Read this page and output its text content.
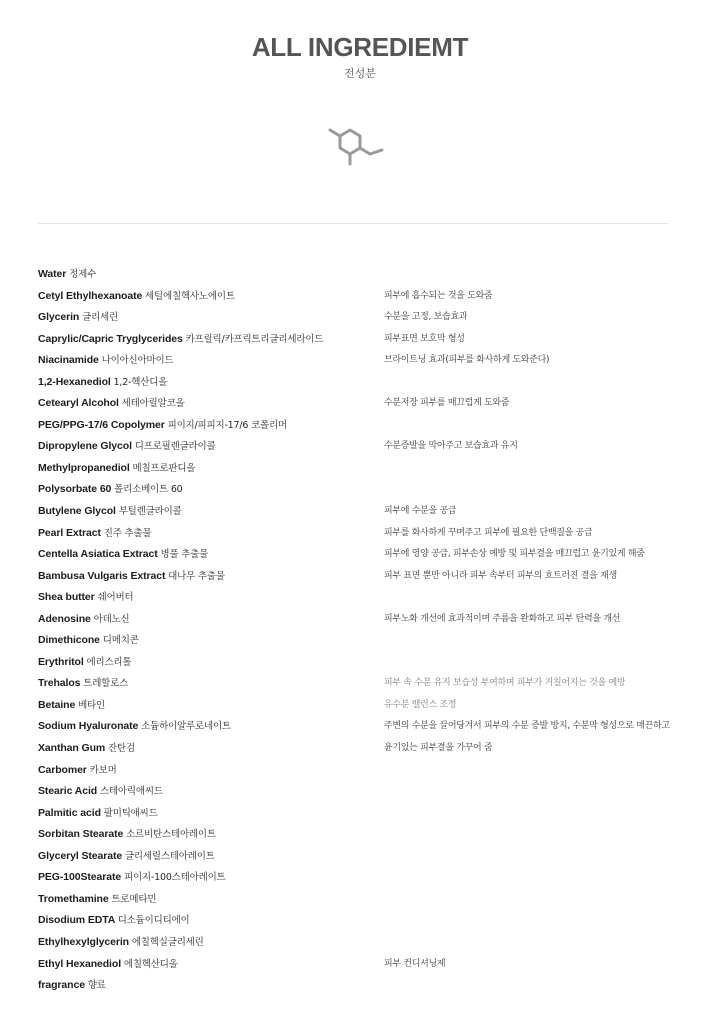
ALL INGREDIEMT
전성분
Water 정제수
Cetyl Ethylhexanoate 세틸에칠헥사노에이트	피부에 흡수되는 것을 도와줌
Glycerin 글리세린	수분을 고정, 보습효과
Caprylic/Capric Tryglycerides 카프릴릭/카프릭트리글리세라이드	피부표면 보호막 형성
Niacinamide 나이아신아마이드	브라이트닝 효과(피부를 화사하게 도와준다)
1,2-Hexanediol 1,2-헥산디올
Cetearyl Alcohol 세테아릴알코올	수분저장 피부를 매끄럽게 도와줌
PEG/PPG-17/6 Copolymer 피이지/피피지-17/6 코폴리머
Dipropylene Glycol 디프로필렌글라이콜	수분증발을 막아주고 보습효과 유지
Methylpropanediol 메칠프로판디올
Polysorbate 60 폴리소베이트 60
Butylene Glycol 부틸렌글라이콜	피부에 수분을 공급
Pearl Extract 진주 추출물	피부를 화사하게 꾸며주고 피부에 필요한 단백질을 공급
Centella Asiatica Extract 병풀 추출물	피부에 영양 공급, 피부손상 예방 및 피부결을 매끄럽고 윤기있게 해줌
Bambusa Vulgaris Extract 대나무 추출물	피부 표면 뿐만 아니라 피부 속부터 피부의 흐트러진 결을 재생
Shea butter 쉐어버터
Adenosine 아데노신	피부노화 개선에 효과적이며 주름을 완화하고 피부 탄력을 개선
Dimethicone 디메치콘
Erythritol 에리스리톨
Trehalos 트레할로스	피부 속 수분 유지 보습성 부여하며 피부가 거칠어지는 것을 예방
Betaine 베타인	유수분 밸런스 조정
Sodium Hyaluronate 소듐하이알루로네이트	주변의 수분을 끌어당겨서 피부의 수분 증발 방지, 수분막 형성으로 매끈하고
Xanthan Gum 잔탄검	윤기있는 피부결을 가꾸어 줌
Carbomer 카보머
Stearic Acid 스테아릭애씨드
Palmitic acid 팔미틱애씨드
Sorbitan Stearate 소르비탄스테아레이트
Glyceryl Stearate 글리세릴스테아레이트
PEG-100Stearate 피이지-100스테아레이트
Tromethamine 트로메타민
Disodium EDTA 디소듐이디티에이
Ethylhexylglycerin 에칠헥실글리세린
Ethyl Hexanediol 에칠헥산디올	피부 컨디셔닝제
fragrance 향료
